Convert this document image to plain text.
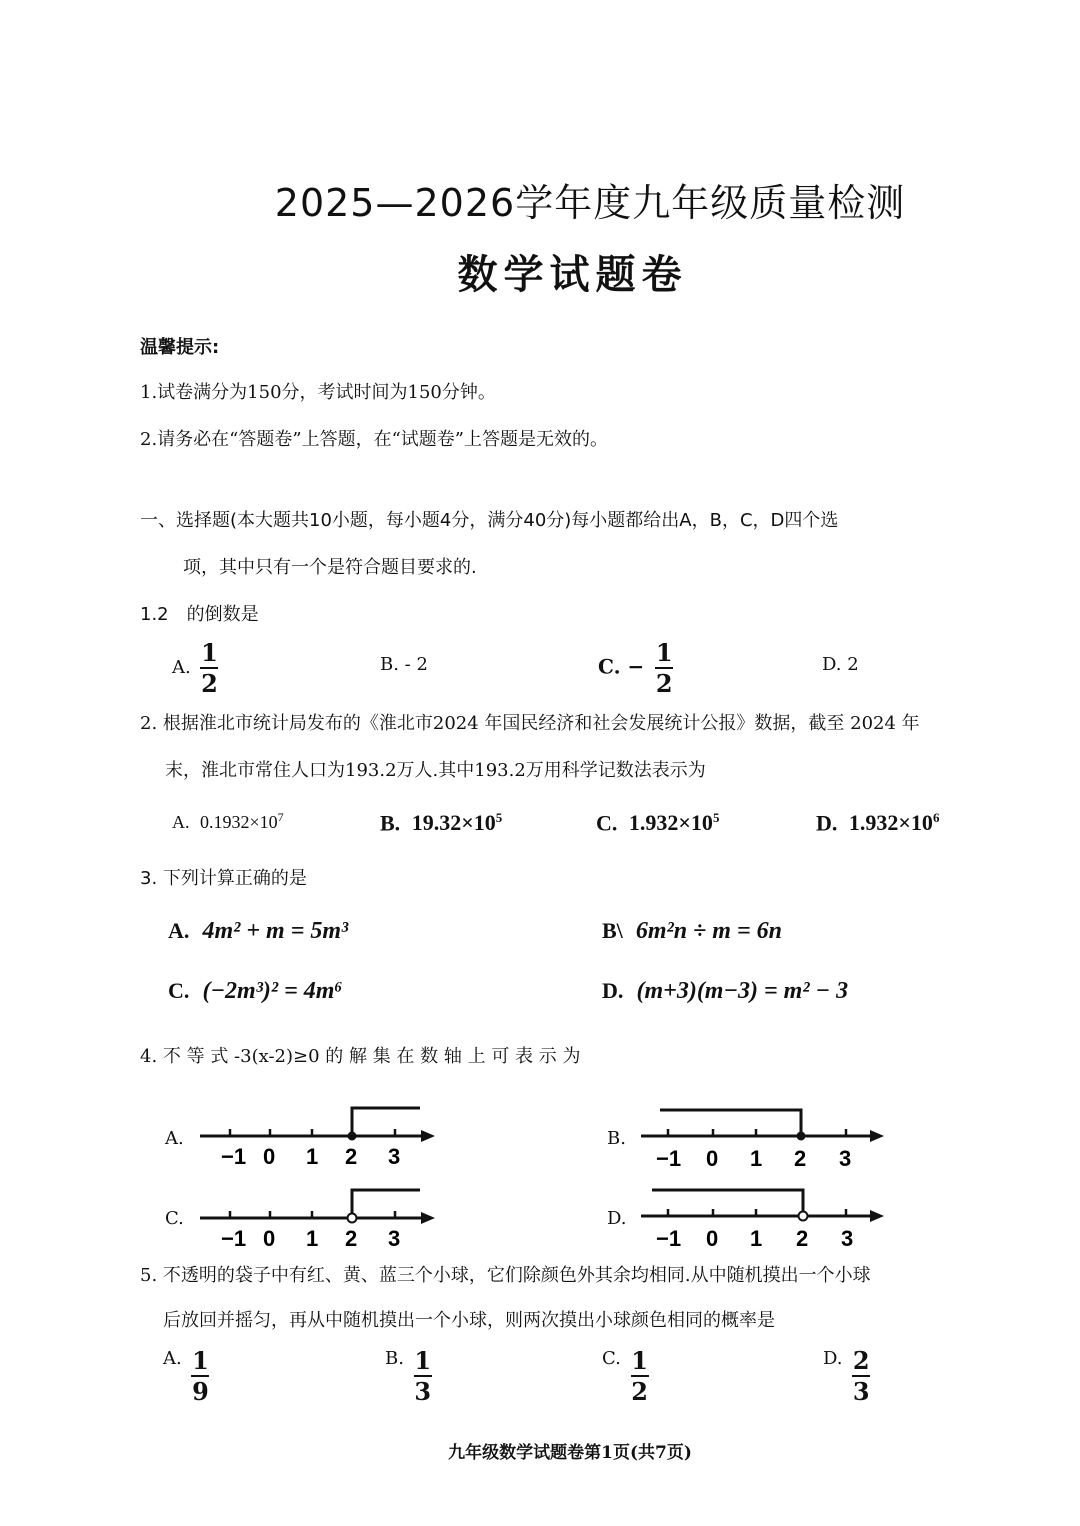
2025—2026学年度九年级质量检测
数学试题卷
温馨提示:
1.试卷满分为150分，考试时间为150分钟。
2.请务必在“答题卷”上答题，在“试题卷”上答题是无效的。
一、选择题(本大题共10小题，每小题4分，满分40分)每小题都给出A，B，C，D四个选
项，其中只有一个是符合题目要求的.
1.2　的倒数是
A. $\frac{1}{2}$	B. - 2	C. − $\frac{1}{2}$	D. 2
2. 根据淮北市统计局发布的《淮北市2024 年国民经济和社会发展统计公报》数据，截至 2024 年
末，淮北市常住人口为193.2万人.其中193.2万用科学记数法表示为
A. $0.1932\times 10^7$	B. $19.32\times 10^5$	C. $1.932\times 10^5$	D. $1.932\times 10^6$
3. 下列计算正确的是
A. 4m² + m = 5m³	B\ 6m²n ÷ m = 6n
C. (−2m³)² = 4m⁶	D. (m+3)(m−3) = m² − 3
4. 不 等 式 -3(x-2)≥0 的 解 集 在 数 轴 上 可 表 示 为
A.
−1 0 1 2 3
B.
−1 0 1 2 3
C.
−1 0 1 2 3
D.
−1 0 1 2 3
5. 不透明的袋子中有红、黄、蓝三个小球，它们除颜色外其余均相同.从中随机摸出一个小球
后放回并摇匀，再从中随机摸出一个小球，则两次摸出小球颜色相同的概率是
A. $\frac{1}{9}$	B. $\frac{1}{3}$	C. $\frac{1}{2}$	D. $\frac{2}{3}$
九年级数学试题卷第1页(共7页)
